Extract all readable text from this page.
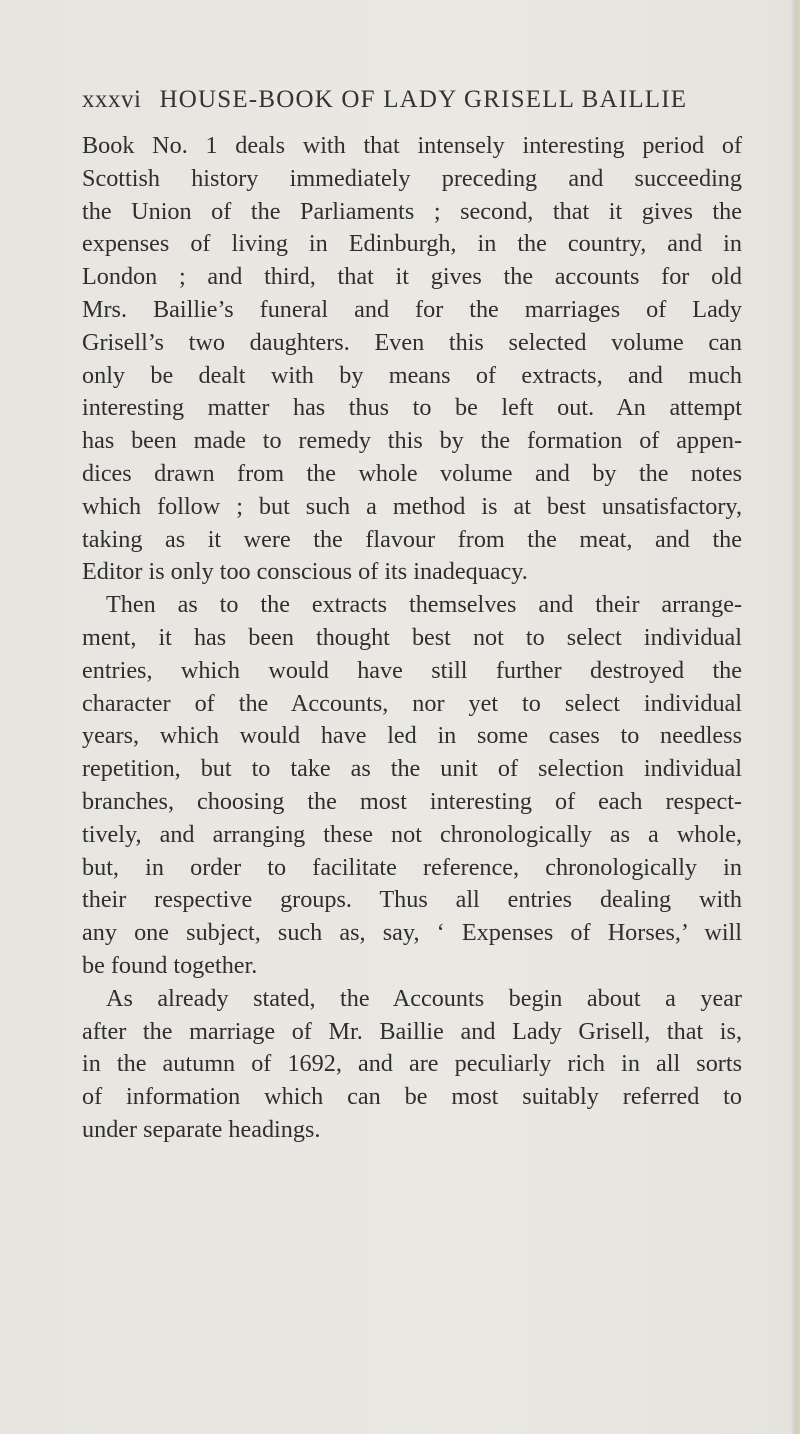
xxxvi HOUSE-BOOK OF LADY GRISELL BAILLIE
Book No. 1 deals with that intensely interesting period of
Scottish history immediately preceding and succeeding
the Union of the Parliaments ; second, that it gives the
expenses of living in Edinburgh, in the country, and in
London ; and third, that it gives the accounts for old
Mrs. Baillie’s funeral and for the marriages of Lady
Grisell’s two daughters. Even this selected volume can
only be dealt with by means of extracts, and much
interesting matter has thus to be left out. An attempt
has been made to remedy this by the formation of appen-
dices drawn from the whole volume and by the notes
which follow ; but such a method is at best unsatisfactory,
taking as it were the flavour from the meat, and the
Editor is only too conscious of its inadequacy.
Then as to the extracts themselves and their arrange-
ment, it has been thought best not to select individual
entries, which would have still further destroyed the
character of the Accounts, nor yet to select individual
years, which would have led in some cases to needless
repetition, but to take as the unit of selection individual
branches, choosing the most interesting of each respect-
tively, and arranging these not chronologically as a whole,
but, in order to facilitate reference, chronologically in
their respective groups. Thus all entries dealing with
any one subject, such as, say, ‘ Expenses of Horses,’ will
be found together.
As already stated, the Accounts begin about a year
after the marriage of Mr. Baillie and Lady Grisell, that is,
in the autumn of 1692, and are peculiarly rich in all sorts
of information which can be most suitably referred to
under separate headings.
